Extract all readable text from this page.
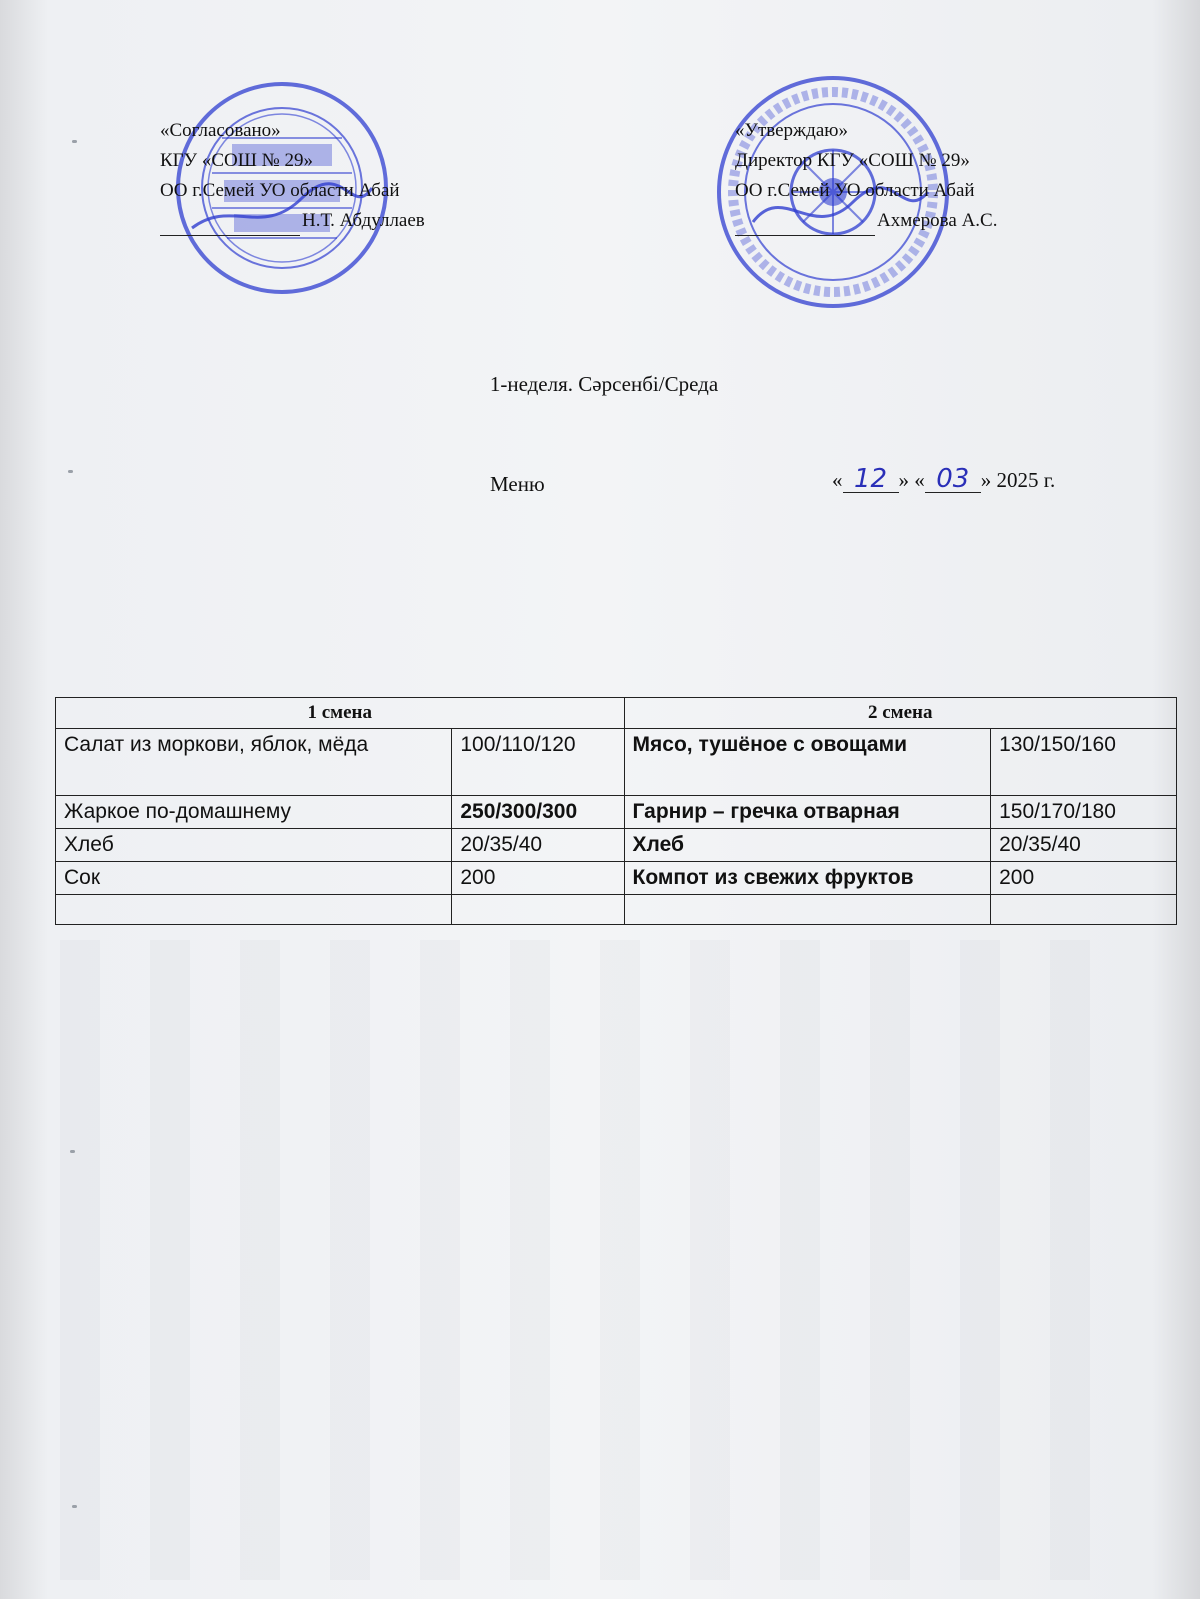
«Согласовано»
КГУ «СОШ № 29»
ОО г.Семей УО области Абай
Н.Т. Абдуллаев
«Утверждаю»
Директор КГУ «СОШ № 29»
ОО г.Семей УО области Абай
Ахмерова А.С.
1-неделя. Сәрсенбі/Среда
Меню	« 12 » « 03 » 2025 г.
1 смена		2 смена	
Салат из моркови, яблок, мёда	100/110/120	Мясо, тушёное с овощами	130/150/160
Жаркое по-домашнему	250/300/300	Гарнир – гречка отварная	150/170/180
Хлеб	20/35/40	Хлеб	20/35/40
Сок	200	Компот из свежих фруктов	200
